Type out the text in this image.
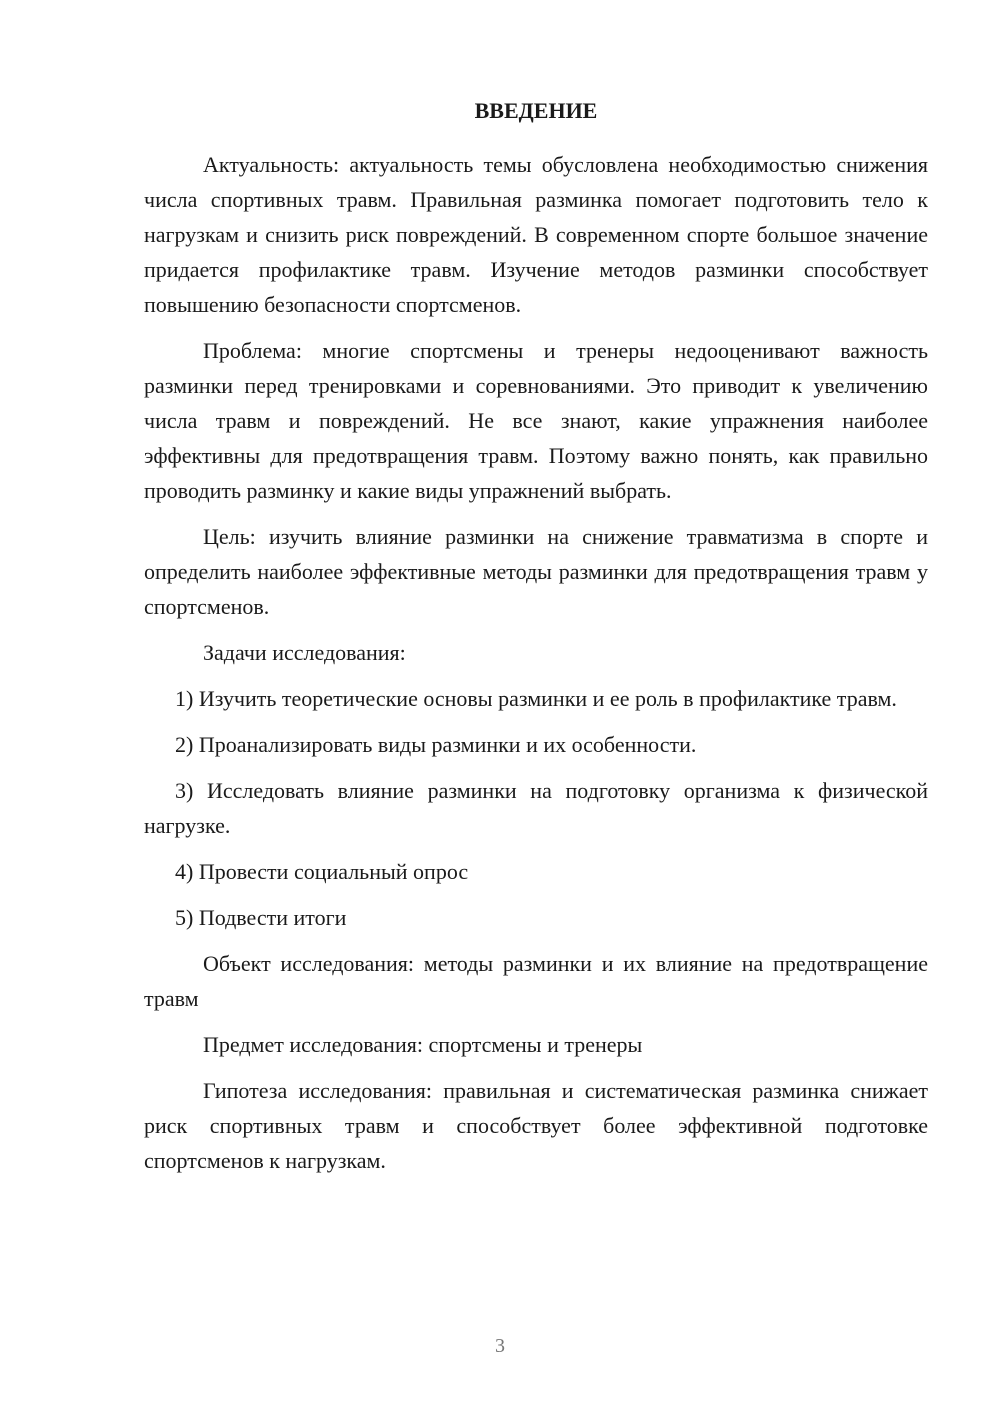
ВВЕДЕНИЕ

Актуальность: актуальность темы обусловлена необходимостью снижения числа спортивных травм. Правильная разминка помогает подготовить тело к нагрузкам и снизить риск повреждений. В современном спорте большое значение придается профилактике травм. Изучение методов разминки способствует повышению безопасности спортсменов.

Проблема: многие спортсмены и тренеры недооценивают важность разминки перед тренировками и соревнованиями. Это приводит к увеличению числа травм и повреждений. Не все знают, какие упражнения наиболее эффективны для предотвращения травм. Поэтому важно понять, как правильно проводить разминку и какие виды упражнений выбрать.

Цель: изучить влияние разминки на снижение травматизма в спорте и определить наиболее эффективные методы разминки для предотвращения травм у спортсменов.

Задачи исследования:

1) Изучить теоретические основы разминки и ее роль в профилактике травм.

2) Проанализировать виды разминки и их особенности.

3) Исследовать влияние разминки на подготовку организма к физической нагрузке.

4) Провести социальный опрос

5) Подвести итоги

Объект исследования: методы разминки и их влияние на предотвращение травм

Предмет исследования: спортсмены и тренеры

Гипотеза исследования: правильная и систематическая разминка снижает риск спортивных травм и способствует более эффективной подготовке спортсменов к нагрузкам.

3
